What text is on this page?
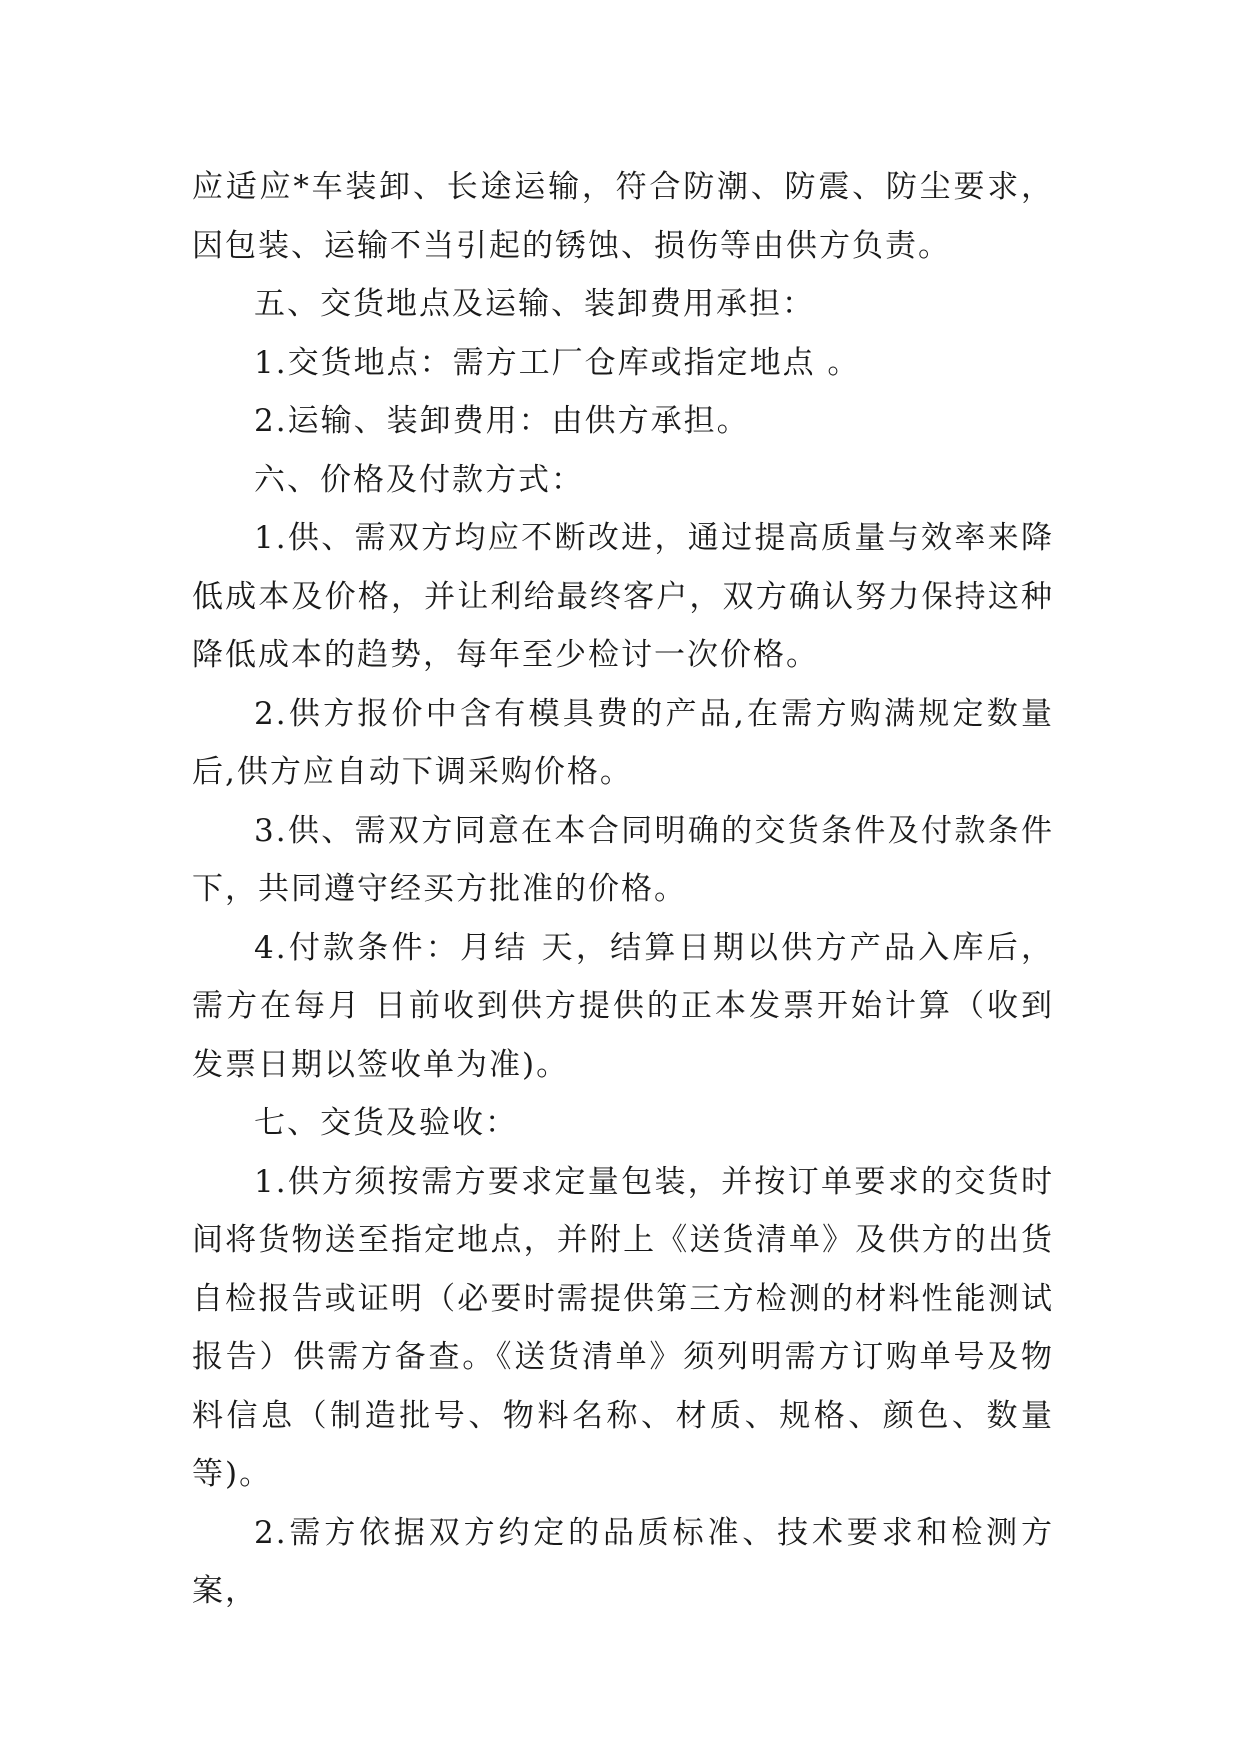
应适应*车装卸、长途运输，符合防潮、防震、防尘要求，因包装、运输不当引起的锈蚀、损伤等由供方负责。

五、交货地点及运输、装卸费用承担：

1.交货地点：需方工厂仓库或指定地点 。

2.运输、装卸费用：由供方承担。

六、价格及付款方式：

1.供、需双方均应不断改进，通过提高质量与效率来降低成本及价格，并让利给最终客户，双方确认努力保持这种降低成本的趋势，每年至少检讨一次价格。

2.供方报价中含有模具费的产品,在需方购满规定数量后,供方应自动下调采购价格。

3.供、需双方同意在本合同明确的交货条件及付款条件下，共同遵守经买方批准的价格。

4.付款条件：月结 天，结算日期以供方产品入库后，需方在每月 日前收到供方提供的正本发票开始计算（收到发票日期以签收单为准)。

七、交货及验收：

1.供方须按需方要求定量包装，并按订单要求的交货时间将货物送至指定地点，并附上《送货清单》及供方的出货自检报告或证明（必要时需提供第三方检测的材料性能测试报告）供需方备查。《送货清单》须列明需方订购单号及物料信息（制造批号、物料名称、材质、规格、颜色、数量等)。

2.需方依据双方约定的品质标准、技术要求和检测方案，
